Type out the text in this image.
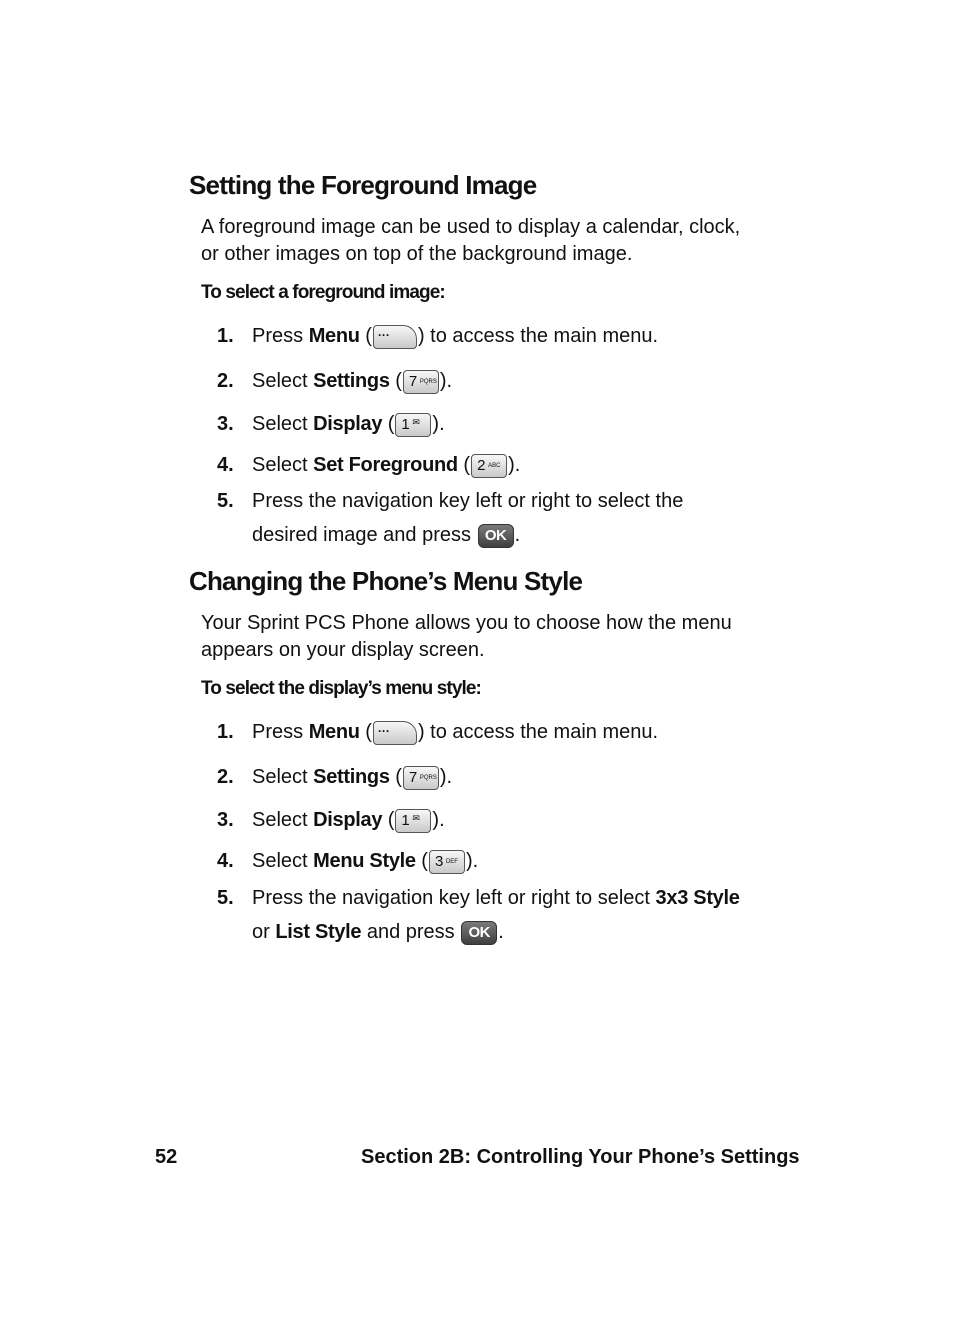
Setting the Foreground Image

A foreground image can be used to display a calendar, clock,
or other images on top of the background image.

To select a foreground image:

1. Press Menu ( ··· ) to access the main menu.
2. Select Settings ( 7 PQRS ).
3. Select Display ( 1 ✉ ).
4. Select Set Foreground ( 2 ABC ).
5. Press the navigation key left or right to select the
desired image and press OK .
Changing the Phone’s Menu Style

Your Sprint PCS Phone allows you to choose how the menu
appears on your display screen.

To select the display’s menu style:

1. Press Menu ( ··· ) to access the main menu.
2. Select Settings ( 7 PQRS ).
3. Select Display ( 1 ✉ ).
4. Select Menu Style ( 3 DEF ).
5. Press the navigation key left or right to select 3x3 Style
or List Style and press OK .
52	Section 2B: Controlling Your Phone’s Settings
